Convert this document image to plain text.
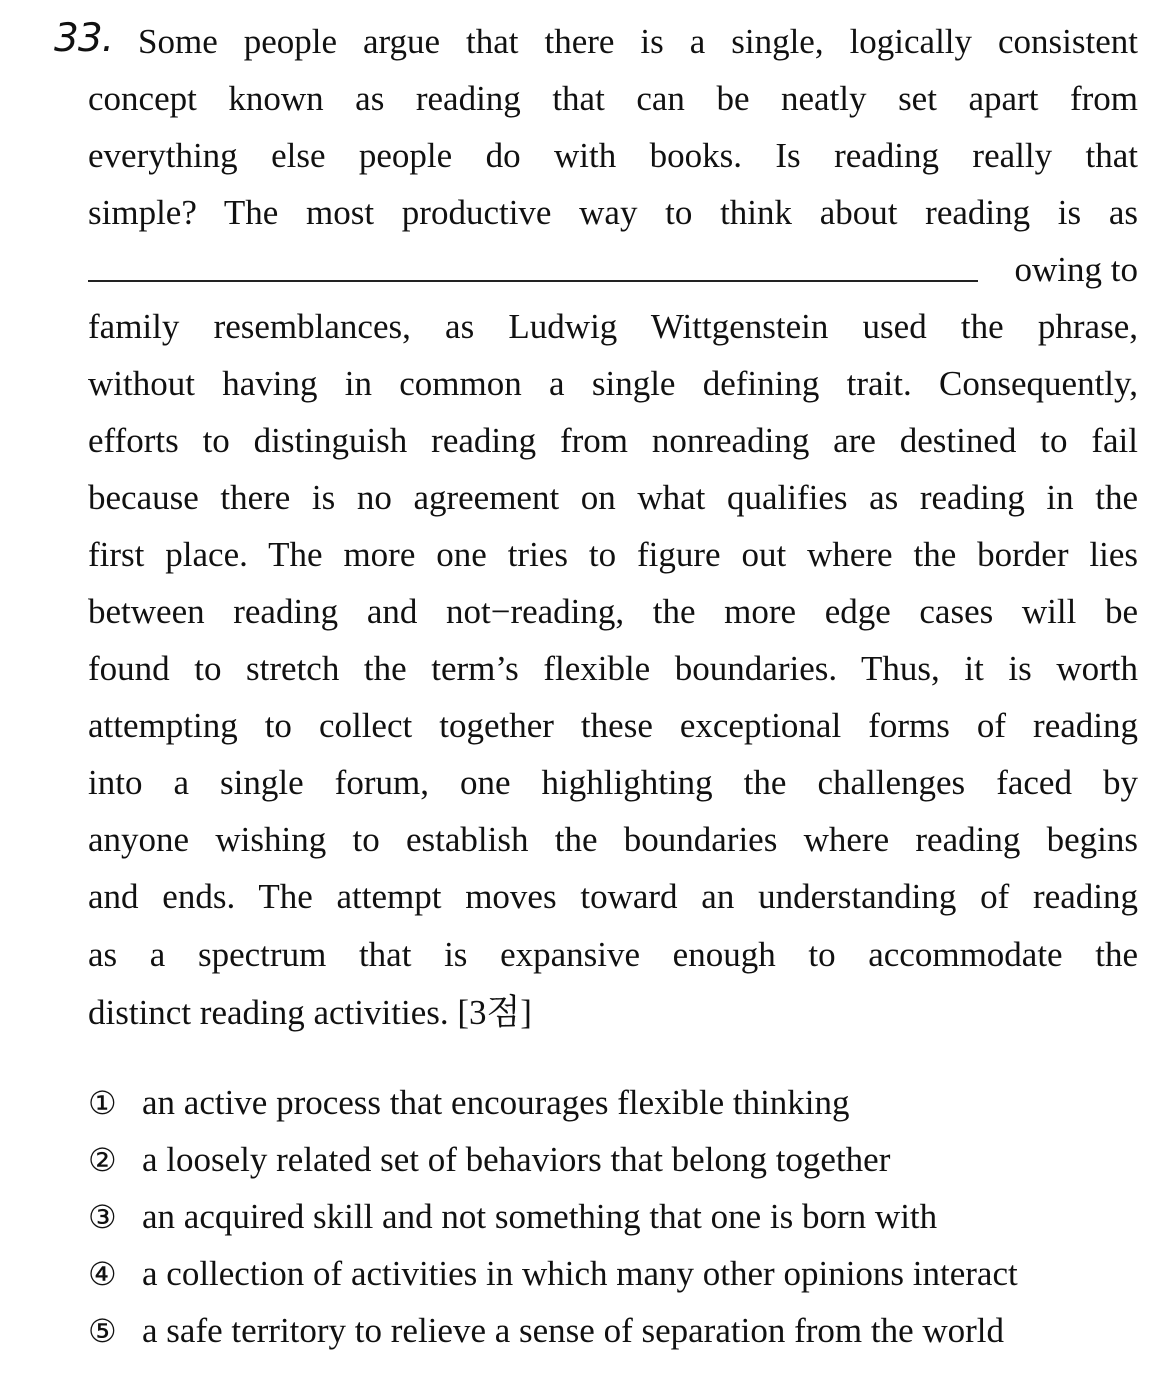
33. Some people argue that there is a single, logically consistent
concept known as reading that can be neatly set apart from
everything else people do with books. Is reading really that
simple? The most productive way to think about reading is as
owing to
family resemblances, as Ludwig Wittgenstein used the phrase,
without having in common a single defining trait. Consequently,
efforts to distinguish reading from nonreading are destined to fail
because there is no agreement on what qualifies as reading in the
first place. The more one tries to figure out where the border lies
between reading and not−reading, the more edge cases will be
found to stretch the term’s flexible boundaries. Thus, it is worth
attempting to collect together these exceptional forms of reading
into a single forum, one highlighting the challenges faced by
anyone wishing to establish the boundaries where reading begins
and ends. The attempt moves toward an understanding of reading
as a spectrum that is expansive enough to accommodate the
distinct reading activities. [3점]
① an active process that encourages flexible thinking
② a loosely related set of behaviors that belong together
③ an acquired skill and not something that one is born with
④ a collection of activities in which many other opinions interact
⑤ a safe territory to relieve a sense of separation from the world
